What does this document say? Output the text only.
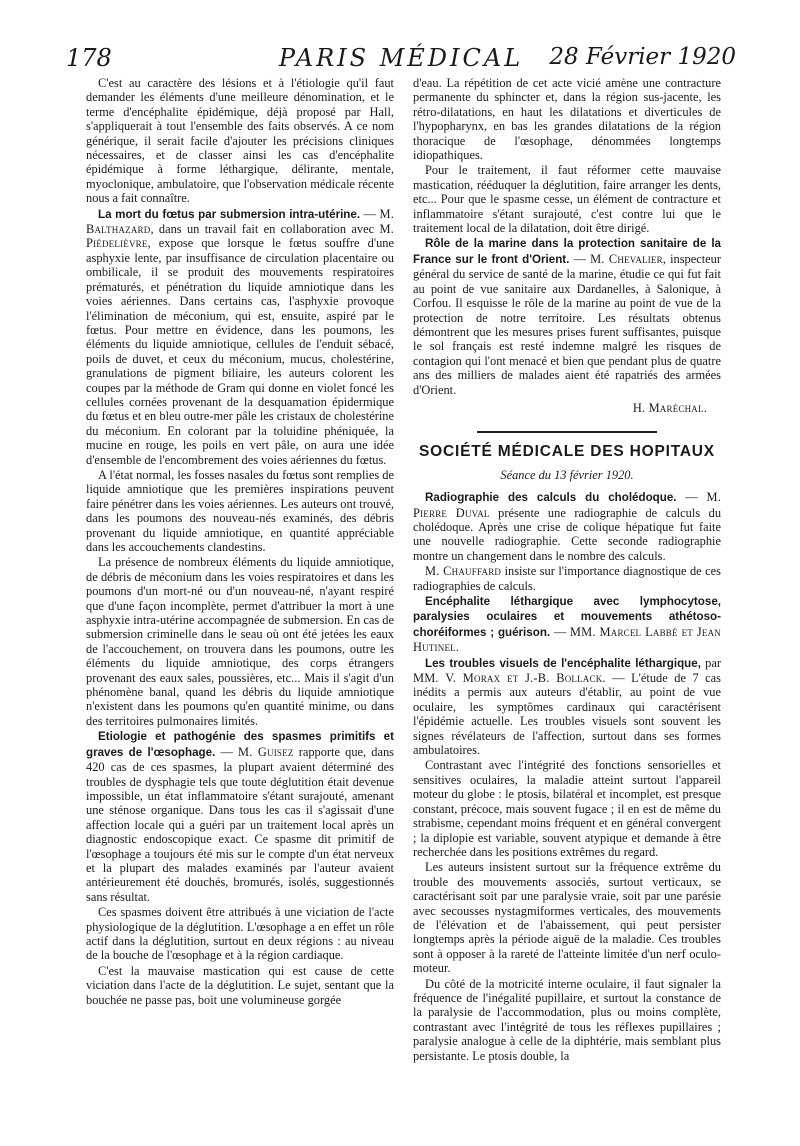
178	PARIS MÉDICAL	28 Février 1920

C'est au caractère des lésions et à l'étiologie qu'il faut demander les éléments d'une meilleure dénomination, et le terme d'encéphalite épidémique, déjà proposé par Hall, s'appliquerait à tout l'ensemble des faits observés. A ce nom générique, il serait facile d'ajouter les précisions cliniques nécessaires, et de classer ainsi les cas d'encéphalite épidémique à forme léthargique, délirante, mentale, myoclonique, ambulatoire, que l'observation médicale récente nous a fait connaître.

La mort du fœtus par submersion intra-utérine. — M. Balthazard, dans un travail fait en collaboration avec M. Piédelièvre, expose que lorsque le fœtus souffre d'une asphyxie lente, par insuffisance de circulation placentaire ou ombilicale, il se produit des mouvements respiratoires prématurés, et pénétration du liquide amniotique dans les voies aériennes. Dans certains cas, l'asphyxie provoque l'élimination de méconium, qui est, ensuite, aspiré par le fœtus. Pour mettre en évidence, dans les poumons, les éléments du liquide amniotique, cellules de l'enduit sébacé, poils de duvet, et ceux du méconium, mucus, cholestérine, granulations de pigment biliaire, les auteurs colorent les coupes par la méthode de Gram qui donne en violet foncé les cellules cornées provenant de la desquamation épidermique du fœtus et en bleu outre-mer pâle les cristaux de cholestérine du méconium. En colorant par la toluidine phéniquée, la mucine en rouge, les poils en vert pâle, on aura une idée d'ensemble de l'encombrement des voies aériennes du fœtus.

A l'état normal, les fosses nasales du fœtus sont remplies de liquide amniotique que les premières inspirations peuvent faire pénétrer dans les voies aériennes. Les auteurs ont trouvé, dans les poumons des nouveau-nés examinés, des débris provenant du liquide amniotique, en quantité appréciable dans les accouchements clandestins.

La présence de nombreux éléments du liquide amniotique, de débris de méconium dans les voies respiratoires et dans les poumons d'un mort-né ou d'un nouveau-né, n'ayant respiré que d'une façon incomplète, permet d'attribuer la mort à une asphyxie intra-utérine accompagnée de submersion. En cas de submersion criminelle dans le seau où ont été jetées les eaux de l'accouchement, on trouvera dans les poumons, outre les éléments du liquide amniotique, des corps étrangers provenant des eaux sales, poussières, etc... Mais il s'agit d'un phénomène banal, quand les débris du liquide amniotique n'existent dans les poumons qu'en quantité minime, ou dans des territoires pulmonaires limités.

Etiologie et pathogénie des spasmes primitifs et graves de l'œsophage. — M. Guisez rapporte que, dans 420 cas de ces spasmes, la plupart avaient déterminé des troubles de dysphagie tels que toute déglutition était devenue impossible, un état inflammatoire s'étant surajouté, amenant une sténose organique. Dans tous les cas il s'agissait d'une affection locale qui a guéri par un traitement local après un diagnostic endoscopique exact. Ce spasme dit primitif de l'œsophage a toujours été mis sur le compte d'un état nerveux et la plupart des malades examinés par l'auteur avaient antérieurement été douchés, bromurés, isolés, suggestionnés sans résultat.

Ces spasmes doivent être attribués à une viciation de l'acte physiologique de la déglutition. L'œsophage a en effet un rôle actif dans la déglutition, surtout en deux régions : au niveau de la bouche de l'œsophage et à la région cardiaque.

C'est la mauvaise mastication qui est cause de cette viciation dans l'acte de la déglutition. Le sujet, sentant que la bouchée ne passe pas, boit une volumineuse gorgée

d'eau. La répétition de cet acte vicié amène une contracture permanente du sphincter et, dans la région sus-jacente, les rétro-dilatations, en haut les dilatations et diverticules de l'hypopharynx, en bas les grandes dilatations de la région thoracique de l'œsophage, dénommées longtemps idiopathiques.

Pour le traitement, il faut réformer cette mauvaise mastication, rééduquer la déglutition, faire arranger les dents, etc... Pour que le spasme cesse, un élément de contracture et inflammatoire s'étant surajouté, c'est contre lui que le traitement local de la dilatation, doit être dirigé.

Rôle de la marine dans la protection sanitaire de la France sur le front d'Orient. — M. Chevalier, inspecteur général du service de santé de la marine, étudie ce qui fut fait au point de vue sanitaire aux Dardanelles, à Salonique, à Corfou. Il esquisse le rôle de la marine au point de vue de la protection de notre territoire. Les résultats obtenus démontrent que les mesures prises furent suffisantes, puisque le sol français est resté indemne malgré les risques de contagion qui l'ont menacé et bien que pendant plus de quatre ans des milliers de malades aient été rapatriés des armées d'Orient.

H. Maréchal.

SOCIÉTÉ MÉDICALE DES HOPITAUX
Séance du 13 février 1920.

Radiographie des calculs du cholédoque. — M. Pierre Duval présente une radiographie de calculs du cholédoque. Après une crise de colique hépatique fut faite une nouvelle radiographie. Cette seconde radiographie montre un changement dans le nombre des calculs.

M. Chauffard insiste sur l'importance diagnostique de ces radiographies de calculs.

Encéphalite léthargique avec lymphocytose, paralysies oculaires et mouvements athétoso-choréiformes ; guérison. — MM. Marcel Labbé et Jean Hutinel.

Les troubles visuels de l'encéphalite léthargique, par MM. V. Morax et J.-B. Bollack. — L'étude de 7 cas inédits a permis aux auteurs d'établir, au point de vue oculaire, les symptômes cardinaux qui caractérisent l'épidémie actuelle. Les troubles visuels sont souvent les signes révélateurs de l'affection, surtout dans ses formes ambulatoires.

Contrastant avec l'intégrité des fonctions sensorielles et sensitives oculaires, la maladie atteint surtout l'appareil moteur du globe : le ptosis, bilatéral et incomplet, est presque constant, précoce, mais souvent fugace ; il en est de même du strabisme, cependant moins fréquent et en général convergent ; la diplopie est variable, souvent atypique et demande à être recherchée dans les positions extrêmes du regard.

Les auteurs insistent surtout sur la fréquence extrême du trouble des mouvements associés, surtout verticaux, se caractérisant soit par une paralysie vraie, soit par une parésie avec secousses nystagmiformes verticales, des mouvements de l'élévation et de l'abaissement, qui peut persister longtemps après la période aiguë de la maladie. Ces troubles sont à opposer à la rareté de l'atteinte limitée d'un nerf oculo-moteur.

Du côté de la motricité interne oculaire, il faut signaler la fréquence de l'inégalité pupillaire, et surtout la constance de la paralysie de l'accommodation, plus ou moins complète, contrastant avec l'intégrité de tous les réflexes pupillaires ; paralysie analogue à celle de la diphtérie, mais semblant plus persistante. Le ptosis double, la
